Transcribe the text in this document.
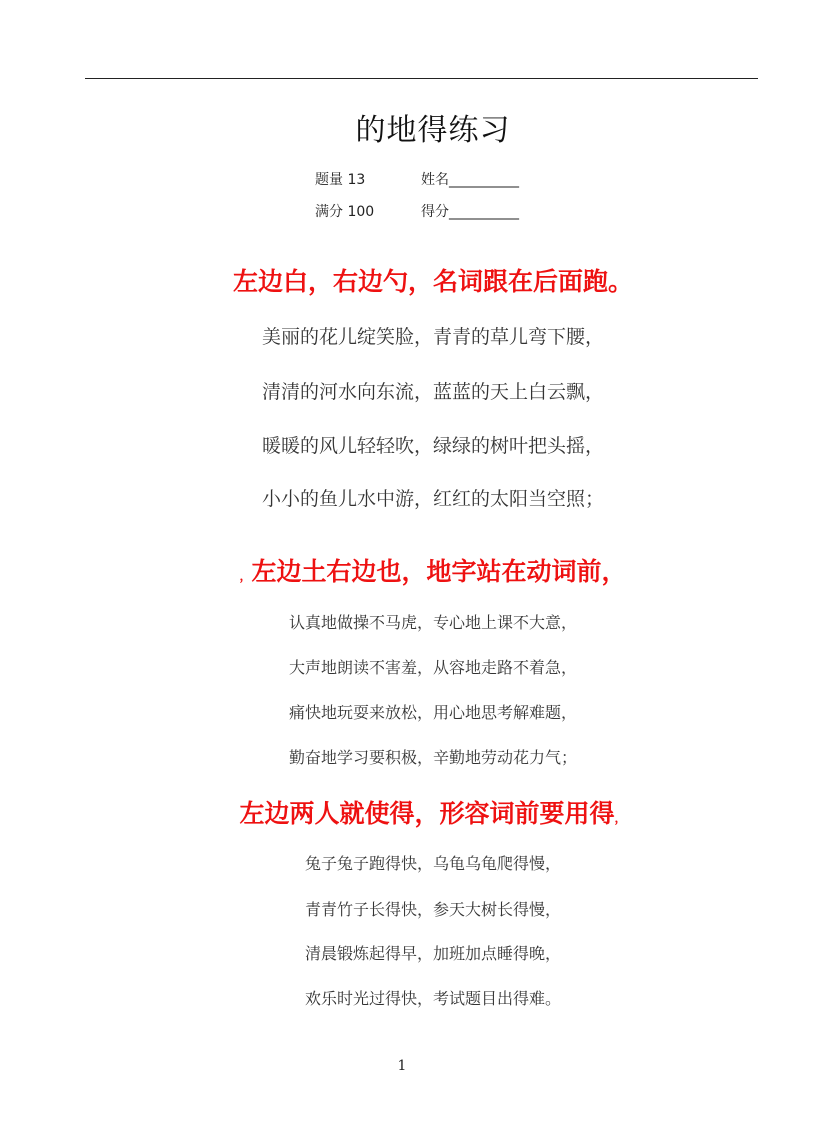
的地得练习
题量 13	姓名__________
满分 100	得分__________
左边白，右边勺，名词跟在后面跑。
美丽的花儿绽笑脸，青青的草儿弯下腰，
清清的河水向东流，蓝蓝的天上白云飘，
暖暖的风儿轻轻吹，绿绿的树叶把头摇，
小小的鱼儿水中游，红红的太阳当空照；
，左边土右边也，地字站在动词前，
认真地做操不马虎，专心地上课不大意，
大声地朗读不害羞，从容地走路不着急，
痛快地玩耍来放松，用心地思考解难题，
勤奋地学习要积极，辛勤地劳动花力气；
左边两人就使得，形容词前要用得，
兔子兔子跑得快，乌龟乌龟爬得慢，
青青竹子长得快，参天大树长得慢，
清晨锻炼起得早，加班加点睡得晚，
欢乐时光过得快，考试题目出得难。
1
